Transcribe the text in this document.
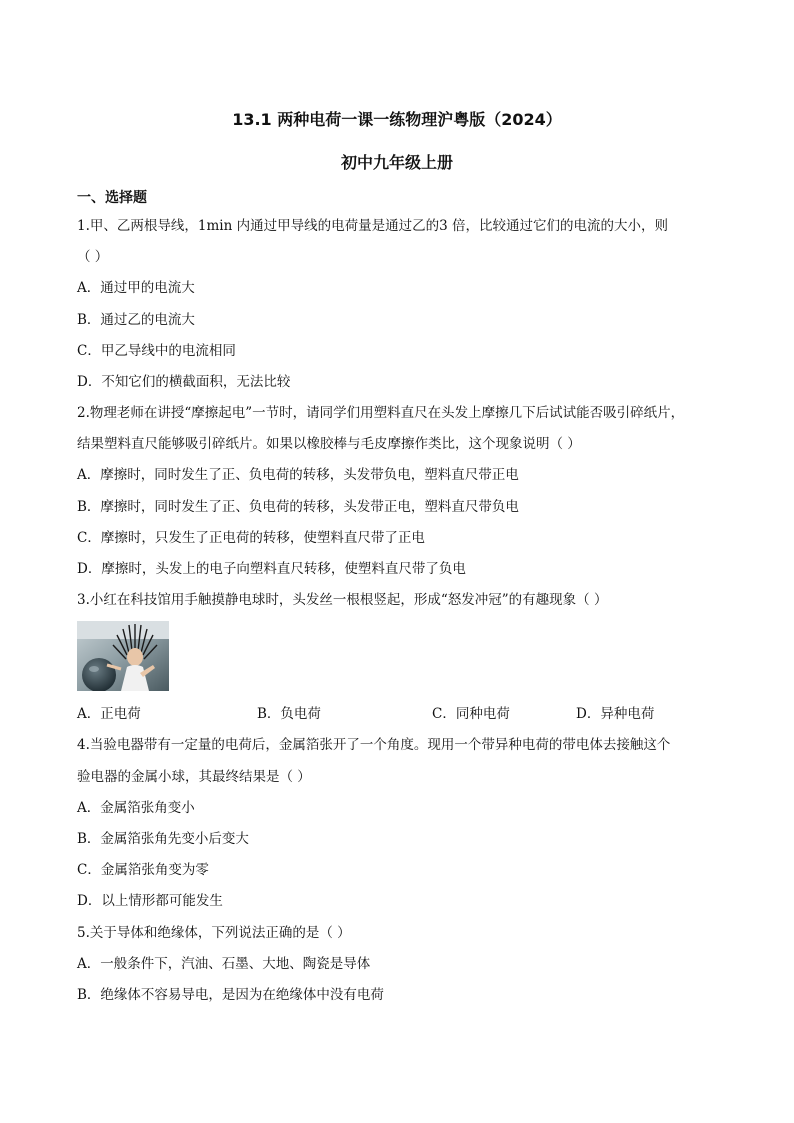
13.1 两种电荷一课一练物理沪粤版（2024）
初中九年级上册
一、选择题
1.甲、乙两根导线，1min 内通过甲导线的电荷量是通过乙的3 倍，比较通过它们的电流的大小，则
（ ）
A．通过甲的电流大
B．通过乙的电流大
C．甲乙导线中的电流相同
D．不知它们的横截面积，无法比较
2.物理老师在讲授“摩擦起电”一节时，请同学们用塑料直尺在头发上摩擦几下后试试能否吸引碎纸片，
结果塑料直尺能够吸引碎纸片。如果以橡胶棒与毛皮摩擦作类比，这个现象说明（ ）
A．摩擦时，同时发生了正、负电荷的转移，头发带负电，塑料直尺带正电
B．摩擦时，同时发生了正、负电荷的转移，头发带正电，塑料直尺带负电
C．摩擦时，只发生了正电荷的转移，使塑料直尺带了正电
D．摩擦时，头发上的电子向塑料直尺转移，使塑料直尺带了负电
3.小红在科技馆用手触摸静电球时，头发丝一根根竖起，形成“怒发冲冠”的有趣现象（ ）
A．正电荷	B．负电荷	C．同种电荷	D．异种电荷
4.当验电器带有一定量的电荷后，金属箔张开了一个角度。现用一个带异种电荷的带电体去接触这个
验电器的金属小球，其最终结果是（ ）
A．金属箔张角变小
B．金属箔张角先变小后变大
C．金属箔张角变为零
D．以上情形都可能发生
5.关于导体和绝缘体，下列说法正确的是（ ）
A．一般条件下，汽油、石墨、大地、陶瓷是导体
B．绝缘体不容易导电，是因为在绝缘体中没有电荷
